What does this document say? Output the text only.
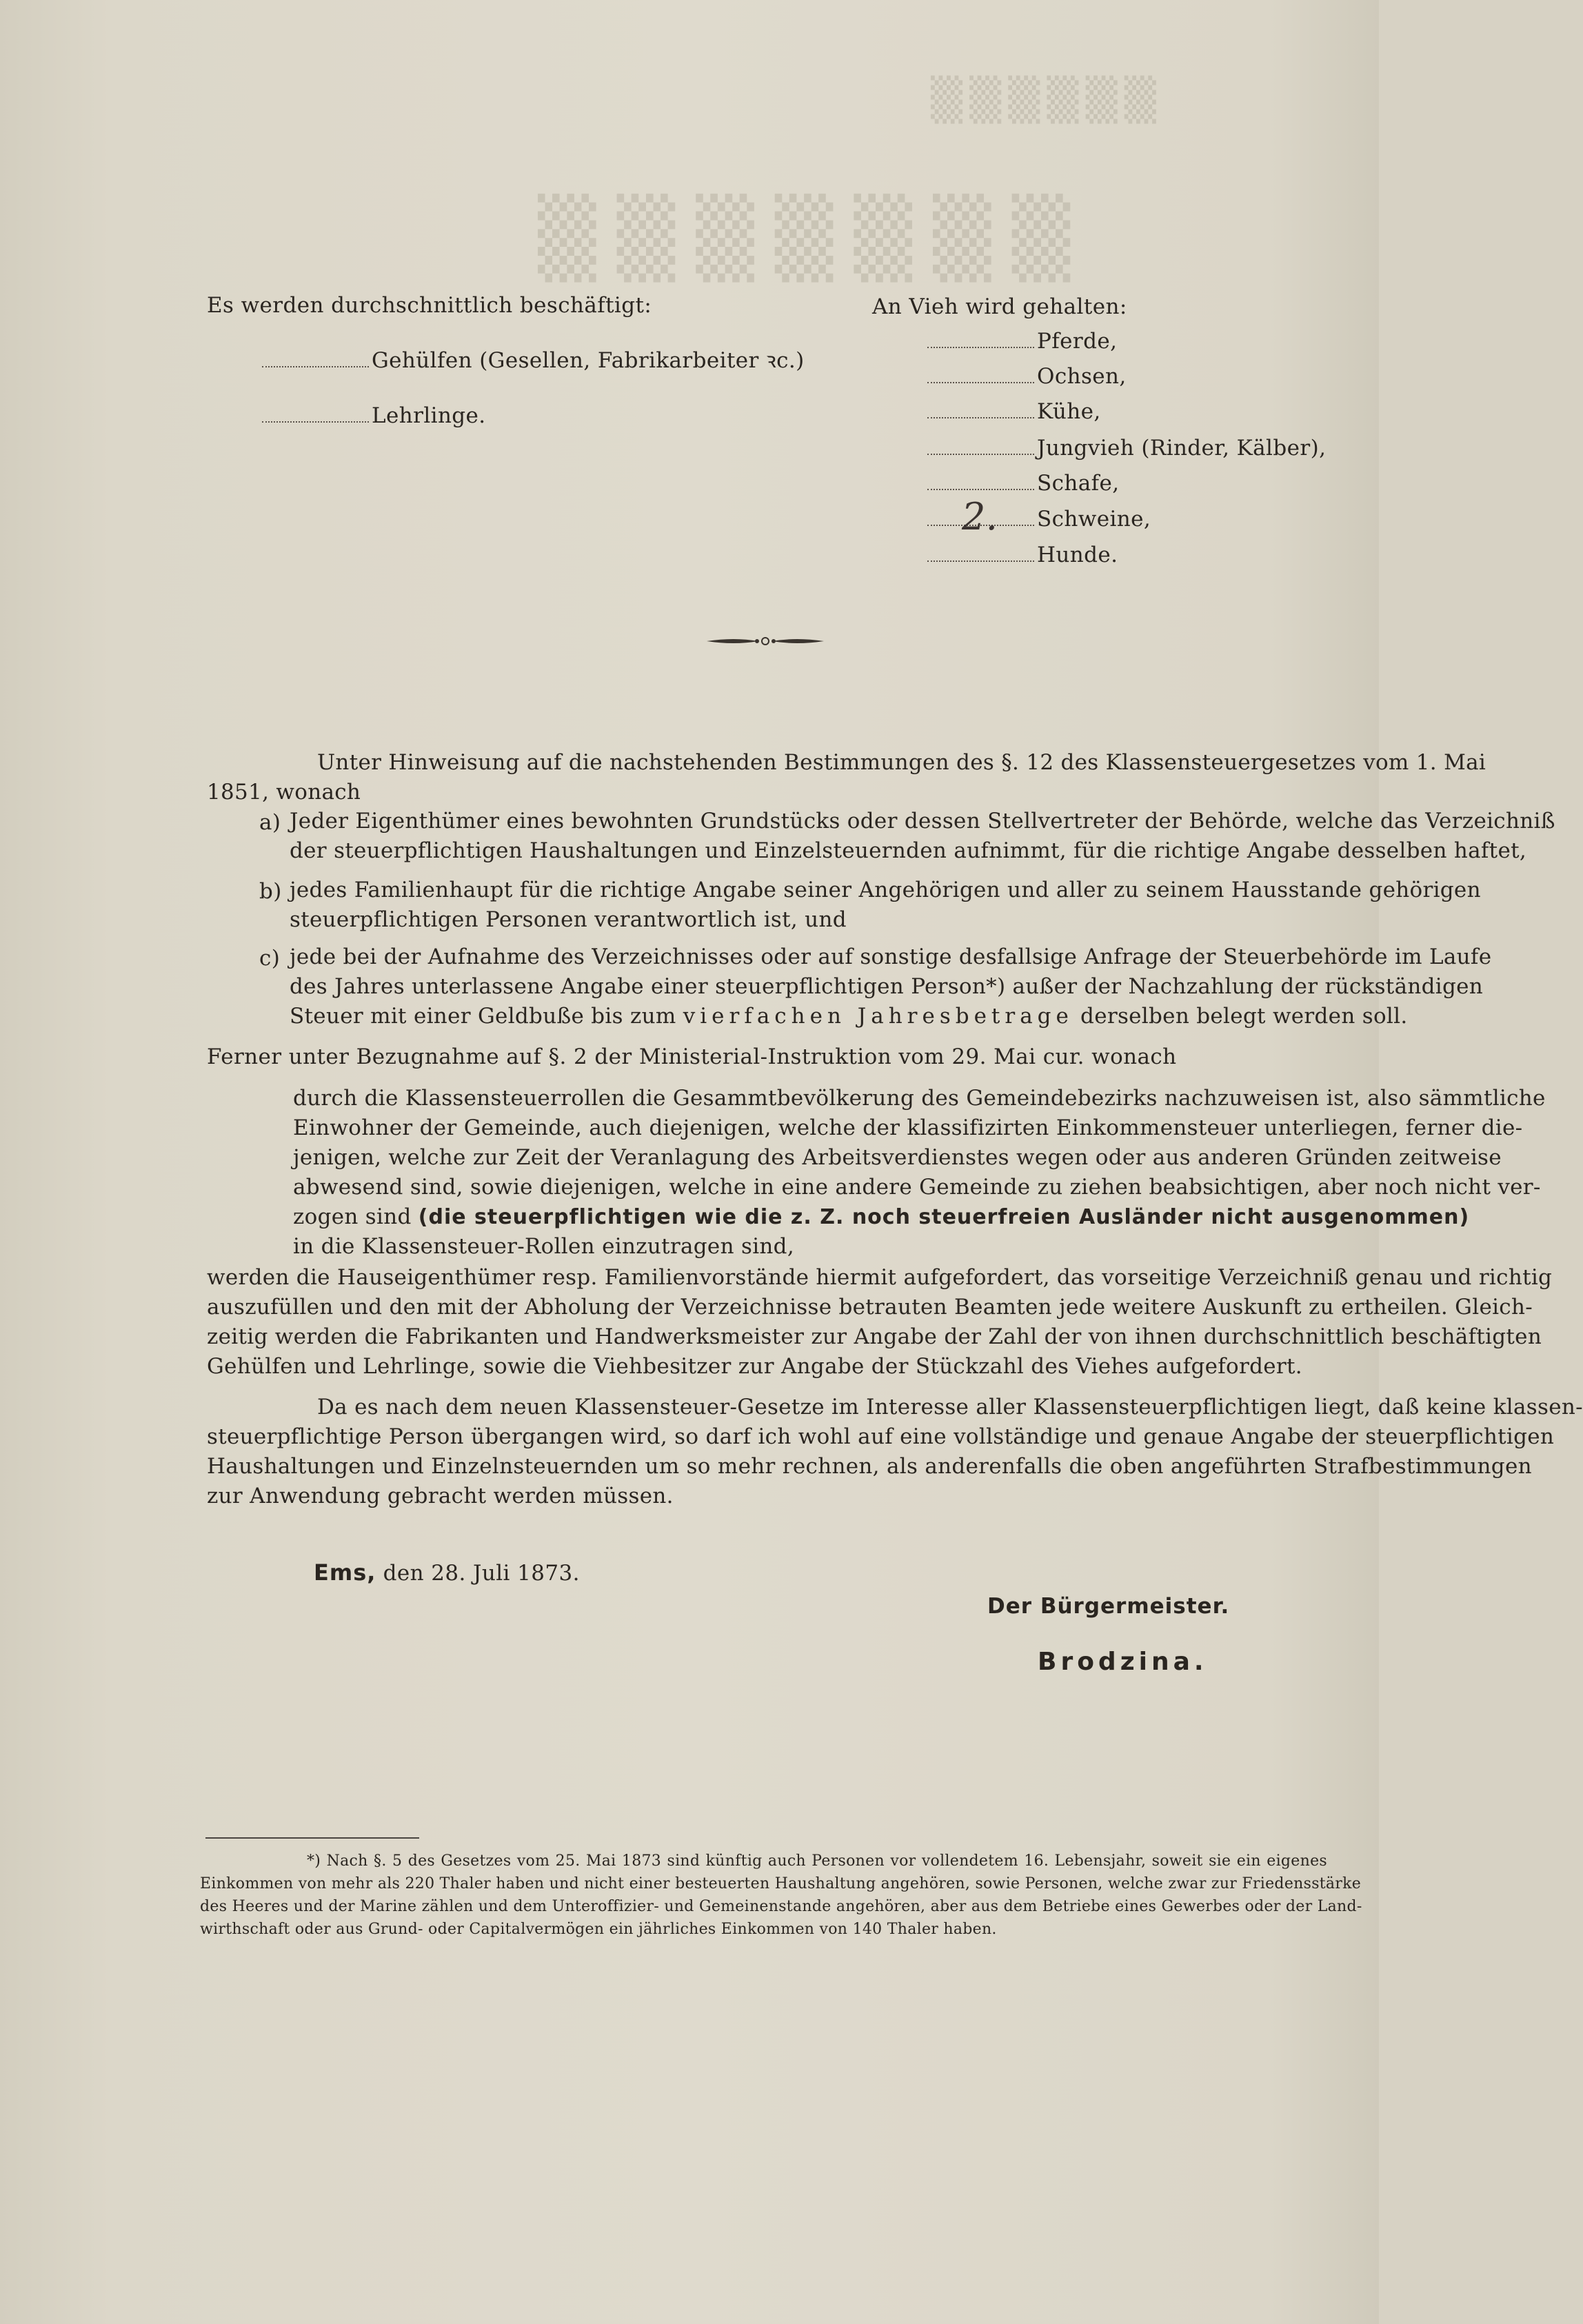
▒▒▒▒▒▒▒
▒▒▒▒▒▒
Es werden durchschnittlich beschäftigt:
Gehülfen (Gesellen, Fabrikarbeiter ꝛc.)
Lehrlinge.
An Vieh wird gehalten:
Pferde,
Ochsen,
Kühe,
Jungvieh (Rinder, Kälber),
Schafe,
2. Schweine,
Hunde.
Unter Hinweisung auf die nachstehenden Bestimmungen des §. 12 des Klassensteuergesetzes vom 1. Mai
1851, wonach
a) Jeder Eigenthümer eines bewohnten Grundstücks oder dessen Stellvertreter der Behörde, welche das Verzeichniß
der steuerpflichtigen Haushaltungen und Einzelsteuernden aufnimmt, für die richtige Angabe desselben haftet,
b) jedes Familienhaupt für die richtige Angabe seiner Angehörigen und aller zu seinem Hausstande gehörigen
steuerpflichtigen Personen verantwortlich ist, und
c) jede bei der Aufnahme des Verzeichnisses oder auf sonstige desfallsige Anfrage der Steuerbehörde im Laufe
des Jahres unterlassene Angabe einer steuerpflichtigen Person*) außer der Nachzahlung der rückständigen
Steuer mit einer Geldbuße bis zum vierfachen Jahresbetrage derselben belegt werden soll.
Ferner unter Bezugnahme auf §. 2 der Ministerial-Instruktion vom 29. Mai cur. wonach
durch die Klassensteuerrollen die Gesammtbevölkerung des Gemeindebezirks nachzuweisen ist, also sämmtliche
Einwohner der Gemeinde, auch diejenigen, welche der klassifizirten Einkommensteuer unterliegen, ferner die-
jenigen, welche zur Zeit der Veranlagung des Arbeitsverdienstes wegen oder aus anderen Gründen zeitweise
abwesend sind, sowie diejenigen, welche in eine andere Gemeinde zu ziehen beabsichtigen, aber noch nicht ver-
zogen sind (die steuerpflichtigen wie die z. Z. noch steuerfreien Ausländer nicht ausgenommen)
in die Klassensteuer-Rollen einzutragen sind,
werden die Hauseigenthümer resp. Familienvorstände hiermit aufgefordert, das vorseitige Verzeichniß genau und richtig
auszufüllen und den mit der Abholung der Verzeichnisse betrauten Beamten jede weitere Auskunft zu ertheilen. Gleich-
zeitig werden die Fabrikanten und Handwerksmeister zur Angabe der Zahl der von ihnen durchschnittlich beschäftigten
Gehülfen und Lehrlinge, sowie die Viehbesitzer zur Angabe der Stückzahl des Viehes aufgefordert.
Da es nach dem neuen Klassensteuer-Gesetze im Interesse aller Klassensteuerpflichtigen liegt, daß keine klassen-
steuerpflichtige Person übergangen wird, so darf ich wohl auf eine vollständige und genaue Angabe der steuerpflichtigen
Haushaltungen und Einzelnsteuernden um so mehr rechnen, als anderenfalls die oben angeführten Strafbestimmungen
zur Anwendung gebracht werden müssen.
Ems, den 28. Juli 1873.
Der Bürgermeister.
Brodzina.
*) Nach §. 5 des Gesetzes vom 25. Mai 1873 sind künftig auch Personen vor vollendetem 16. Lebensjahr, soweit sie ein eigenes
Einkommen von mehr als 220 Thaler haben und nicht einer besteuerten Haushaltung angehören, sowie Personen, welche zwar zur Friedensstärke
des Heeres und der Marine zählen und dem Unteroffizier- und Gemeinenstande angehören, aber aus dem Betriebe eines Gewerbes oder der Land-
wirthschaft oder aus Grund- oder Capitalvermögen ein jährliches Einkommen von 140 Thaler haben.
